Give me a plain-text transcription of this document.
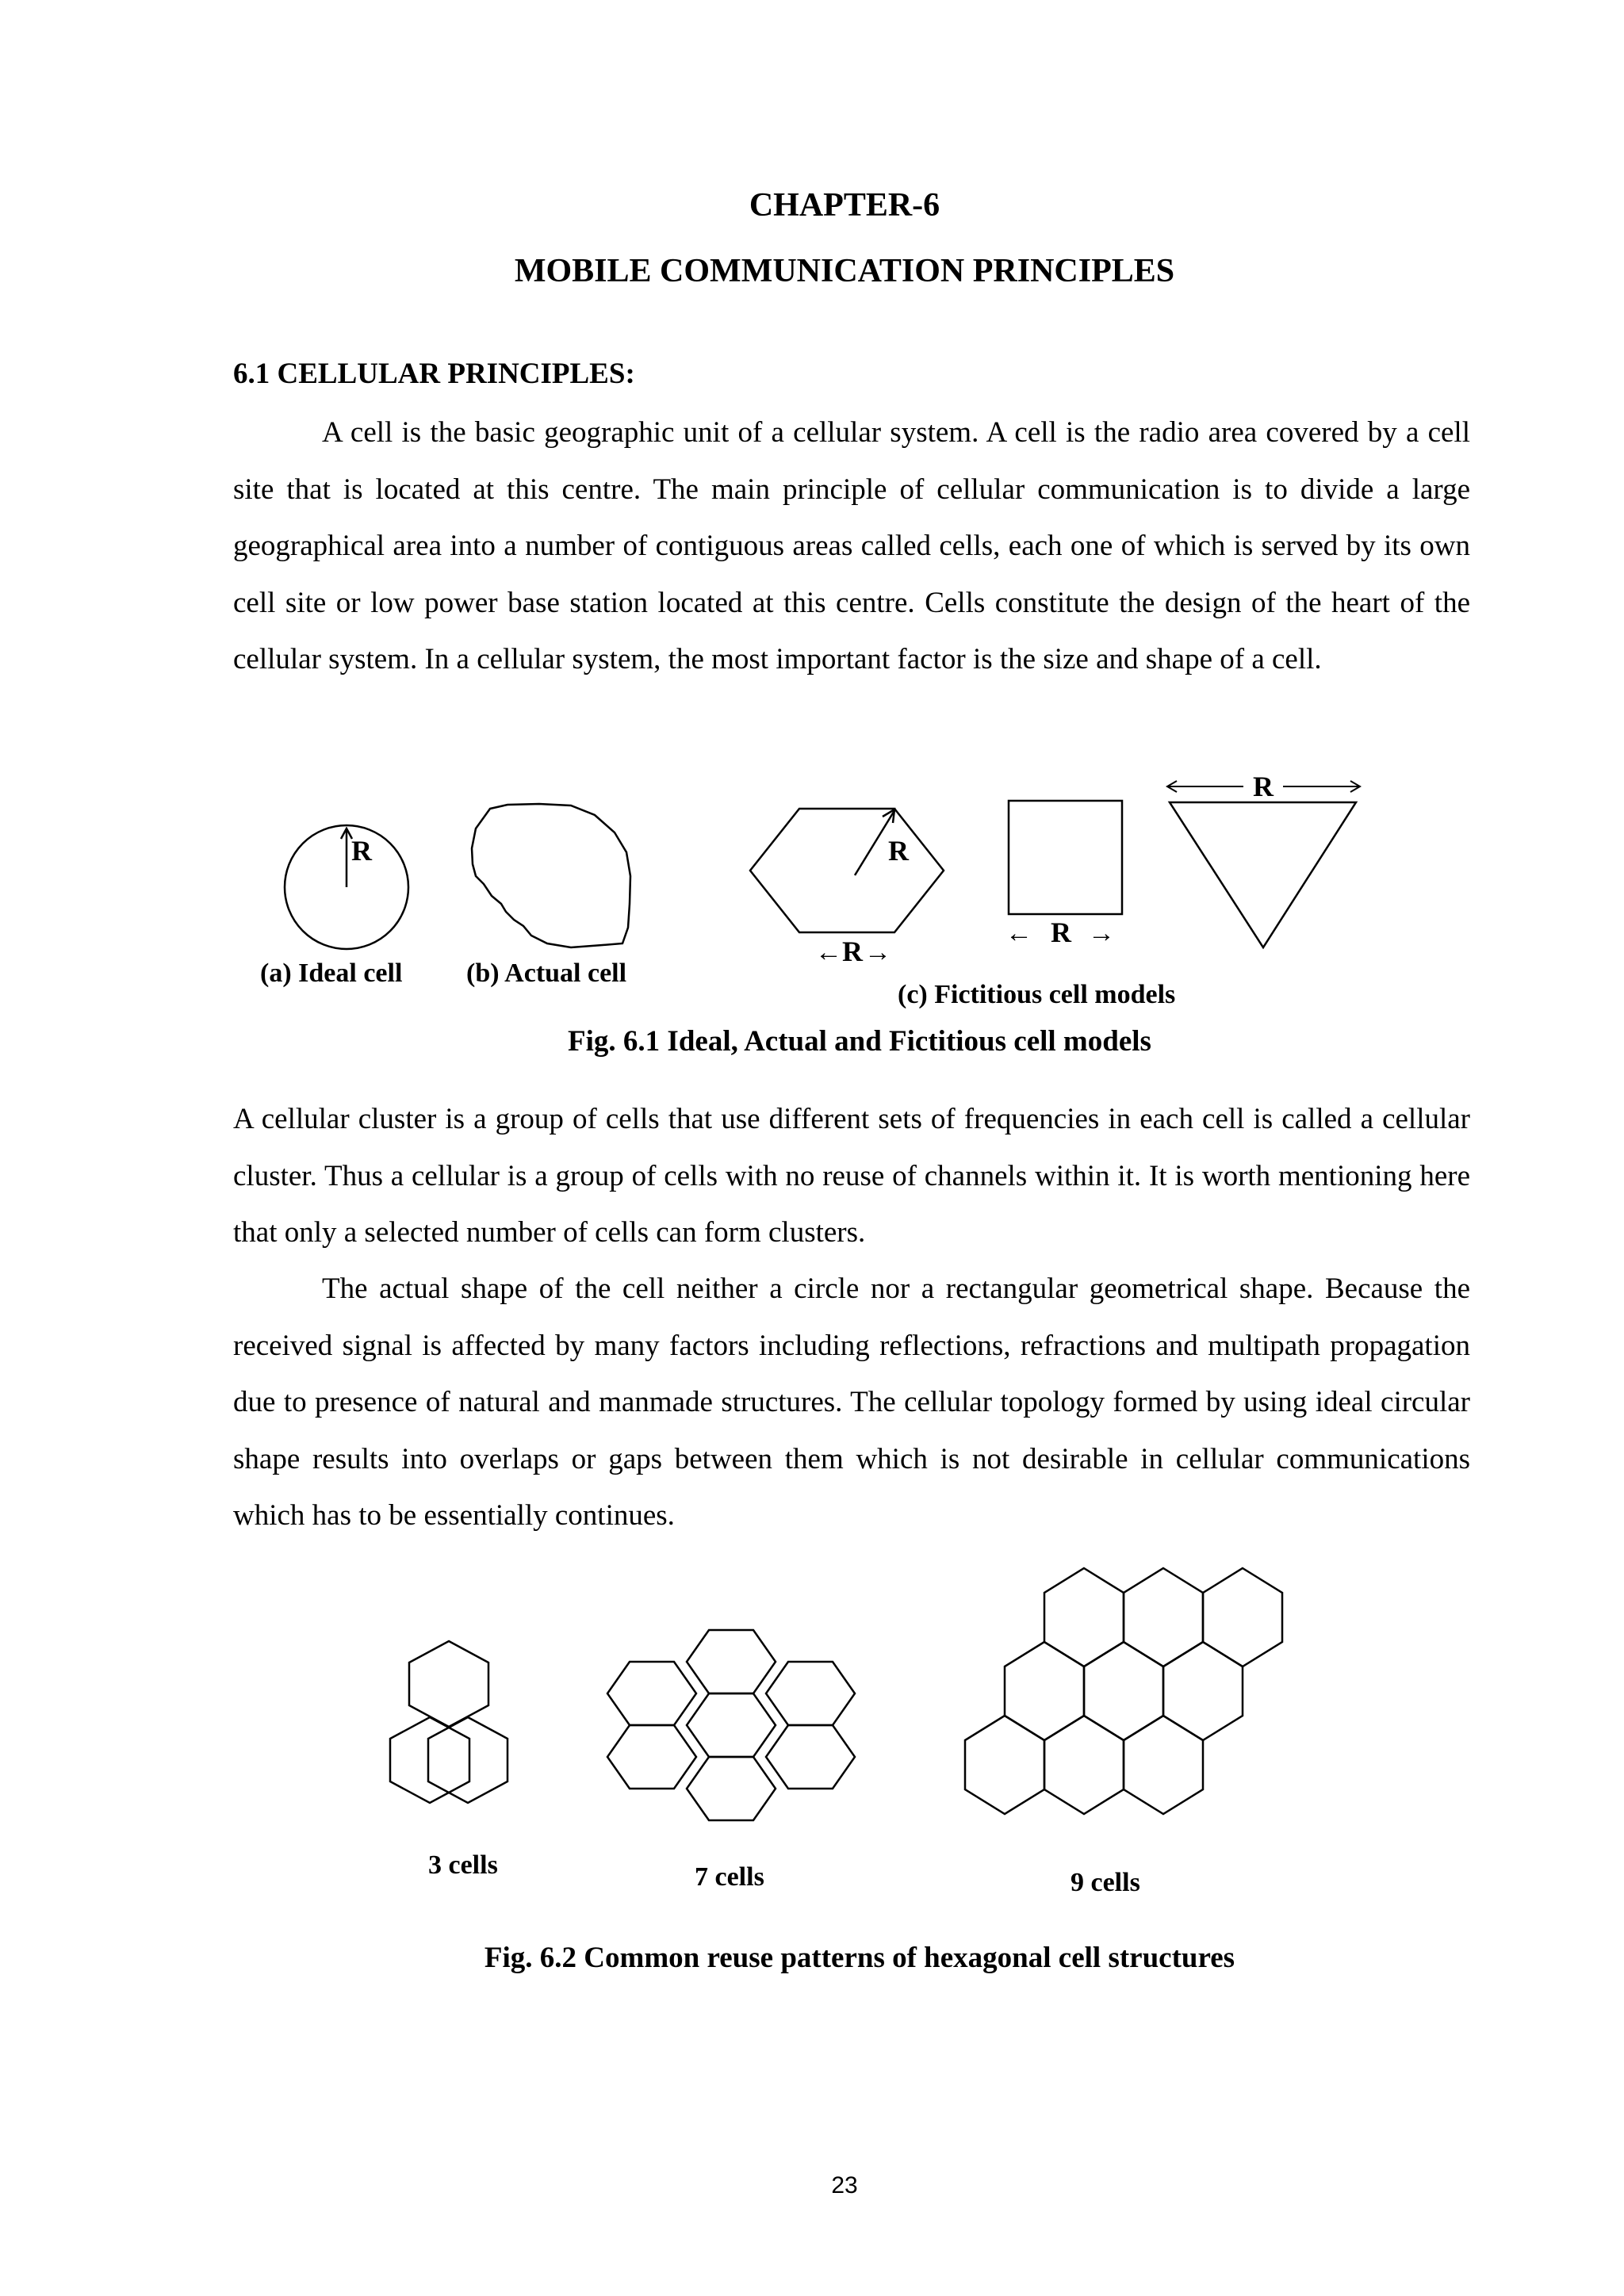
CHAPTER-6
MOBILE COMMUNICATION PRINCIPLES
6.1 CELLULAR PRINCIPLES:

A cell is the basic geographic unit of a cellular system. A cell is the radio area covered by a cell site that is located at this centre. The main principle of cellular communication is to divide a large geographical area into a number of contiguous areas called cells, each one of which is served by its own cell site or low power base station located at this centre. Cells constitute the design of the heart of the cellular system. In a cellular system, the most important factor is the size and shape of a cell.

R
(a) Ideal cell (b) Actual cell
R
← R →
← R →
R
(c) Fictitious cell models
Fig. 6.1 Ideal, Actual and Fictitious cell models

A cellular cluster is a group of cells that use different sets of frequencies in each cell is called a cellular cluster. Thus a cellular is a group of cells with no reuse of channels within it. It is worth mentioning here that only a selected number of cells can form clusters.

The actual shape of the cell neither a circle nor a rectangular geometrical shape. Because the received signal is affected by many factors including reflections, refractions and multipath propagation due to presence of natural and manmade structures. The cellular topology formed by using ideal circular shape results into overlaps or gaps between them which is not desirable in cellular communications which has to be essentially continues.

3 cells	7 cells	9 cells
Fig. 6.2 Common reuse patterns of hexagonal cell structures
23
